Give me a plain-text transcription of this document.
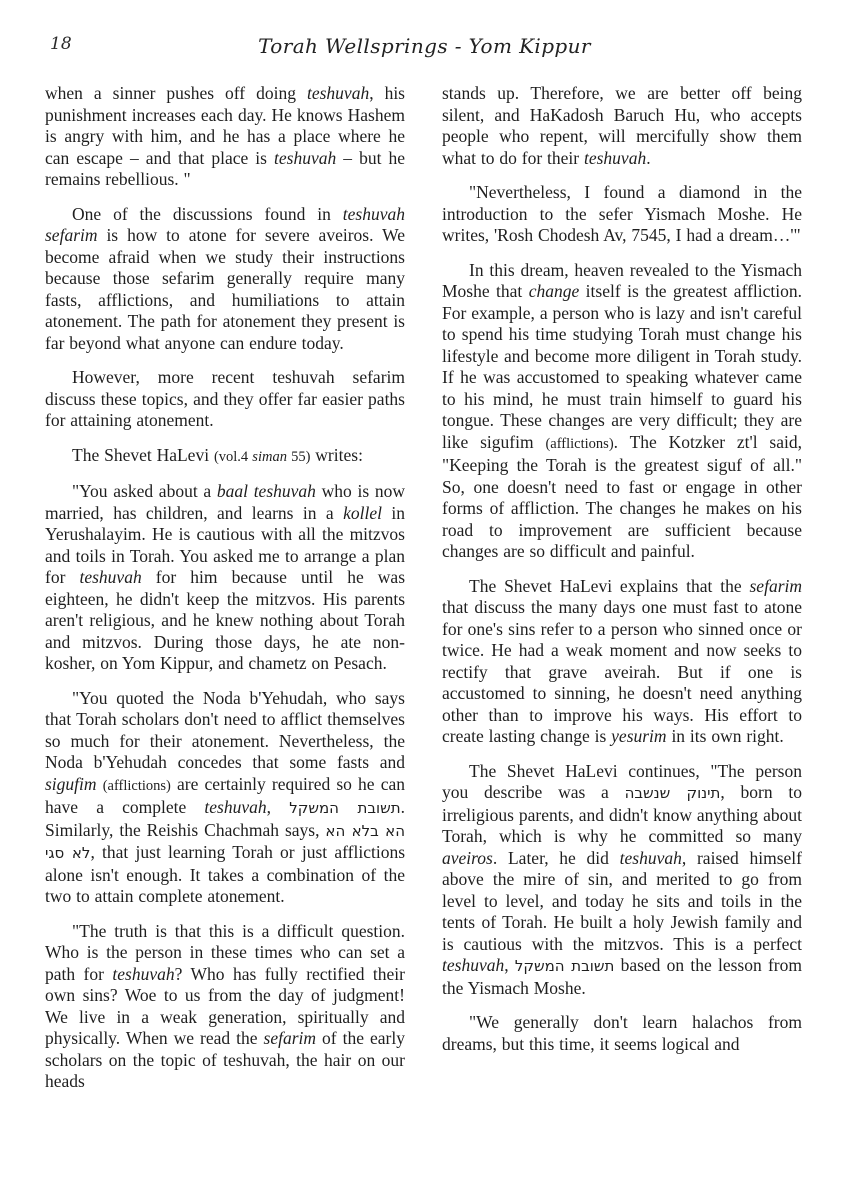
18	Torah Wellsprings - Yom Kippur

when a sinner pushes off doing teshuvah, his punishment increases each day. He knows Hashem is angry with him, and he has a place where he can escape – and that place is teshuvah – but he remains rebellious. "

One of the discussions found in teshuvah sefarim is how to atone for severe aveiros. We become afraid when we study their instructions because those sefarim generally require many fasts, afflictions, and humiliations to attain atonement. The path for atonement they present is far beyond what anyone can endure today.

However, more recent teshuvah sefarim discuss these topics, and they offer far easier paths for attaining atonement.

The Shevet HaLevi (vol.4 siman 55) writes:

"You asked about a baal teshuvah who is now married, has children, and learns in a kollel in Yerushalayim. He is cautious with all the mitzvos and toils in Torah. You asked me to arrange a plan for teshuvah for him because until he was eighteen, he didn't keep the mitzvos. His parents aren't religious, and he knew nothing about Torah and mitzvos. During those days, he ate non-kosher, on Yom Kippur, and chametz on Pesach.

"You quoted the Noda b'Yehudah, who says that Torah scholars don't need to afflict themselves so much for their atonement. Nevertheless, the Noda b'Yehudah concedes that some fasts and sigufim (afflictions) are certainly required so he can have a complete teshuvah, תשובת המשקל. Similarly, the Reishis Chachmah says, הא בלא הא לא סגי, that just learning Torah or just afflictions alone isn't enough. It takes a combination of the two to attain complete atonement.

"The truth is that this is a difficult question. Who is the person in these times who can set a path for teshuvah? Who has fully rectified their own sins? Woe to us from the day of judgment! We live in a weak generation, spiritually and physically. When we read the sefarim of the early scholars on the topic of teshuvah, the hair on our heads

stands up. Therefore, we are better off being silent, and HaKadosh Baruch Hu, who accepts people who repent, will mercifully show them what to do for their teshuvah.

"Nevertheless, I found a diamond in the introduction to the sefer Yismach Moshe. He writes, 'Rosh Chodesh Av, 7545, I had a dream…'"

In this dream, heaven revealed to the Yismach Moshe that change itself is the greatest affliction. For example, a person who is lazy and isn't careful to spend his time studying Torah must change his lifestyle and become more diligent in Torah study. If he was accustomed to speaking whatever came to his mind, he must train himself to guard his tongue. These changes are very difficult; they are like sigufim (afflictions). The Kotzker zt'l said, "Keeping the Torah is the greatest siguf of all." So, one doesn't need to fast or engage in other forms of affliction. The changes he makes on his road to improvement are sufficient because changes are so difficult and painful.

The Shevet HaLevi explains that the sefarim that discuss the many days one must fast to atone for one's sins refer to a person who sinned once or twice. He had a weak moment and now seeks to rectify that grave aveirah. But if one is accustomed to sinning, he doesn't need anything other than to improve his ways. His effort to create lasting change is yesurim in its own right.

The Shevet HaLevi continues, "The person you describe was a תינוק שנשבה, born to irreligious parents, and didn't know anything about Torah, which is why he committed so many aveiros. Later, he did teshuvah, raised himself above the mire of sin, and merited to go from level to level, and today he sits and toils in the tents of Torah. He built a holy Jewish family and is cautious with the mitzvos. This is a perfect teshuvah, תשובת המשקל based on the lesson from the Yismach Moshe.

"We generally don't learn halachos from dreams, but this time, it seems logical and
